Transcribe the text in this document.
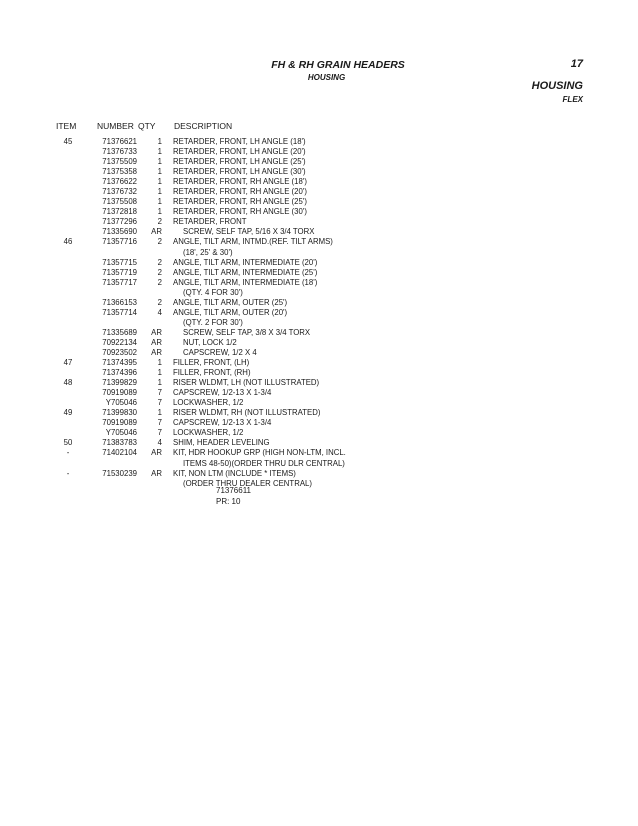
FH & RH GRAIN HEADERS
HOUSING
17
HOUSING
FLEX
ITEM NUMBER QTY DESCRIPTION
45	71376621	1 RETARDER, FRONT, LH ANGLE (18')
71376733	1 RETARDER, FRONT, LH ANGLE (20')
71375509	1 RETARDER, FRONT, LH ANGLE (25')
71375358	1 RETARDER, FRONT, LH ANGLE (30')
71376622	1 RETARDER, FRONT, RH ANGLE (18')
71376732	1 RETARDER, FRONT, RH ANGLE (20')
71375508	1 RETARDER, FRONT, RH ANGLE (25')
71372818	1 RETARDER, FRONT, RH ANGLE (30')
71377296	2 RETARDER, FRONT
71335690	AR	SCREW, SELF TAP, 5/16 X 3/4 TORX
46	71357716	2 ANGLE, TILT ARM, INTMD.(REF. TILT ARMS)
(18', 25' & 30')
71357715	2 ANGLE, TILT ARM, INTERMEDIATE (20')
71357719	2 ANGLE, TILT ARM, INTERMEDIATE (25')
71357717	2 ANGLE, TILT ARM, INTERMEDIATE (18')
(QTY. 4 FOR 30')
71366153	2 ANGLE, TILT ARM, OUTER (25')
71357714	4 ANGLE, TILT ARM, OUTER (20')
(QTY. 2 FOR 30')
71335689	AR	SCREW, SELF TAP, 3/8 X 3/4 TORX
70922134	AR	NUT, LOCK 1/2
70923502	AR	CAPSCREW, 1/2 X 4
47	71374395	1 FILLER, FRONT, (LH)
71374396	1 FILLER, FRONT, (RH)
48	71399829	1 RISER WLDMT, LH (NOT ILLUSTRATED)
70919089	7 CAPSCREW, 1/2-13 X 1-3/4
Y705046	7 LOCKWASHER, 1/2
49	71399830	1 RISER WLDMT, RH (NOT ILLUSTRATED)
70919089	7 CAPSCREW, 1/2-13 X 1-3/4
Y705046	7 LOCKWASHER, 1/2
50	71383783	4 SHIM, HEADER LEVELING
-	71402104	AR KIT, HDR HOOKUP GRP (HIGH NON-LTM, INCL.
ITEMS 48-50)(ORDER THRU DLR CENTRAL)
-	71530239	AR KIT, NON LTM (INCLUDE * ITEMS)
(ORDER THRU DEALER CENTRAL)
71376611
PR: 10
